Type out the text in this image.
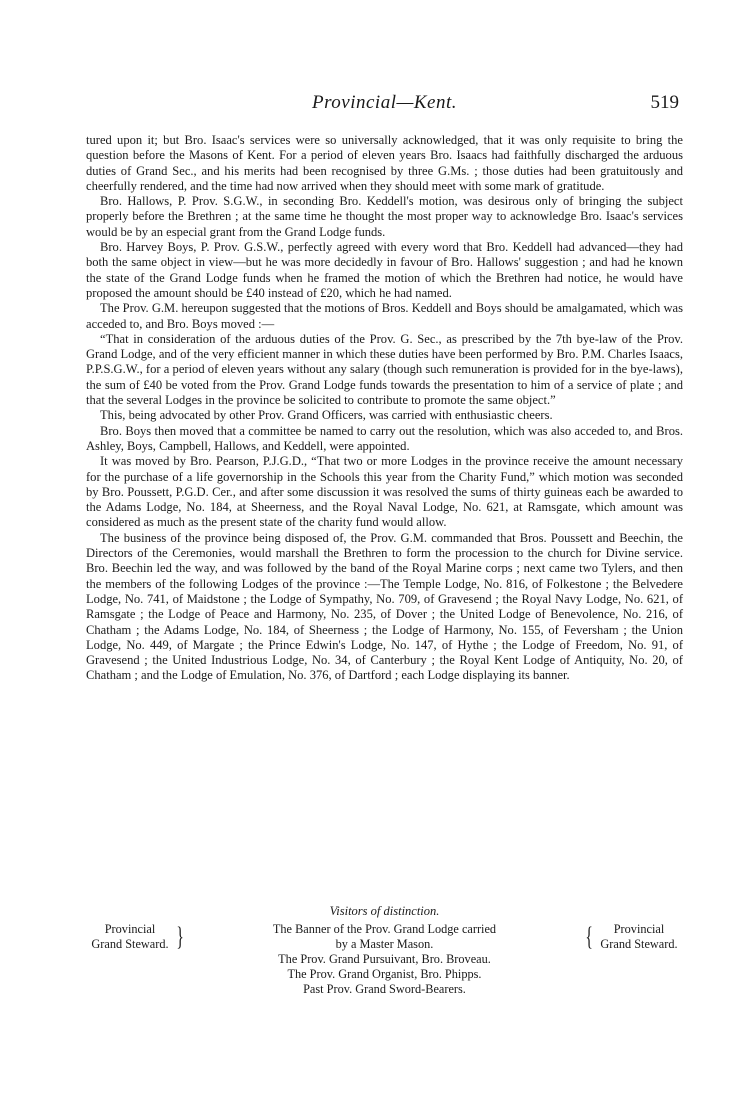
Provincial—Kent.	519

tured upon it; but Bro. Isaac's services were so universally acknowledged, that it was only requisite to bring the question before the Masons of Kent. For a period of eleven years Bro. Isaacs had faithfully discharged the arduous duties of Grand Sec., and his merits had been recognised by three G.Ms. ; those duties had been gratuitously and cheerfully rendered, and the time had now arrived when they should meet with some mark of gratitude.

Bro. Hallows, P. Prov. S.G.W., in seconding Bro. Keddell's motion, was desirous only of bringing the subject properly before the Brethren ; at the same time he thought the most proper way to acknowledge Bro. Isaac's services would be by an especial grant from the Grand Lodge funds.

Bro. Harvey Boys, P. Prov. G.S.W., perfectly agreed with every word that Bro. Keddell had advanced—they had both the same object in view—but he was more decidedly in favour of Bro. Hallows' suggestion ; and had he known the state of the Grand Lodge funds when he framed the motion of which the Brethren had notice, he would have proposed the amount should be £40 instead of £20, which he had named.

The Prov. G.M. hereupon suggested that the motions of Bros. Keddell and Boys should be amalgamated, which was acceded to, and Bro. Boys moved :—

“That in consideration of the arduous duties of the Prov. G. Sec., as prescribed by the 7th bye-law of the Prov. Grand Lodge, and of the very efficient manner in which these duties have been performed by Bro. P.M. Charles Isaacs, P.P.S.G.W., for a period of eleven years without any salary (though such remuneration is provided for in the bye-laws), the sum of £40 be voted from the Prov. Grand Lodge funds towards the presentation to him of a service of plate ; and that the several Lodges in the province be solicited to contribute to promote the same object.”

This, being advocated by other Prov. Grand Officers, was carried with enthusiastic cheers.

Bro. Boys then moved that a committee be named to carry out the resolution, which was also acceded to, and Bros. Ashley, Boys, Campbell, Hallows, and Keddell, were appointed.

It was moved by Bro. Pearson, P.J.G.D., “That two or more Lodges in the province receive the amount necessary for the purchase of a life governorship in the Schools this year from the Charity Fund,” which motion was seconded by Bro. Poussett, P.G.D. Cer., and after some discussion it was resolved the sums of thirty guineas each be awarded to the Adams Lodge, No. 184, at Sheerness, and the Royal Naval Lodge, No. 621, at Ramsgate, which amount was considered as much as the present state of the charity fund would allow.

The business of the province being disposed of, the Prov. G.M. commanded that Bros. Poussett and Beechin, the Directors of the Ceremonies, would marshall the Brethren to form the procession to the church for Divine service. Bro. Beechin led the way, and was followed by the band of the Royal Marine corps ; next came two Tylers, and then the members of the following Lodges of the province :—The Temple Lodge, No. 816, of Folkestone ; the Belvedere Lodge, No. 741, of Maidstone ; the Lodge of Sympathy, No. 709, of Gravesend ; the Royal Navy Lodge, No. 621, of Ramsgate ; the Lodge of Peace and Harmony, No. 235, of Dover ; the United Lodge of Benevolence, No. 216, of Chatham ; the Adams Lodge, No. 184, of Sheerness ; the Lodge of Harmony, No. 155, of Feversham ; the Union Lodge, No. 449, of Margate ; the Prince Edwin's Lodge, No. 147, of Hythe ; the Lodge of Freedom, No. 91, of Gravesend ; the United Industrious Lodge, No. 34, of Canterbury ; the Royal Kent Lodge of Antiquity, No. 20, of Chatham ; and the Lodge of Emulation, No. 376, of Dartford ; each Lodge displaying its banner.

Visitors of distinction.
Provincial
Grand Steward. }	The Banner of the Prov. Grand Lodge carried
by a Master Mason.	{	Provincial
Grand Steward.
The Prov. Grand Pursuivant, Bro. Broveau.
The Prov. Grand Organist, Bro. Phipps.
Past Prov. Grand Sword-Bearers.
